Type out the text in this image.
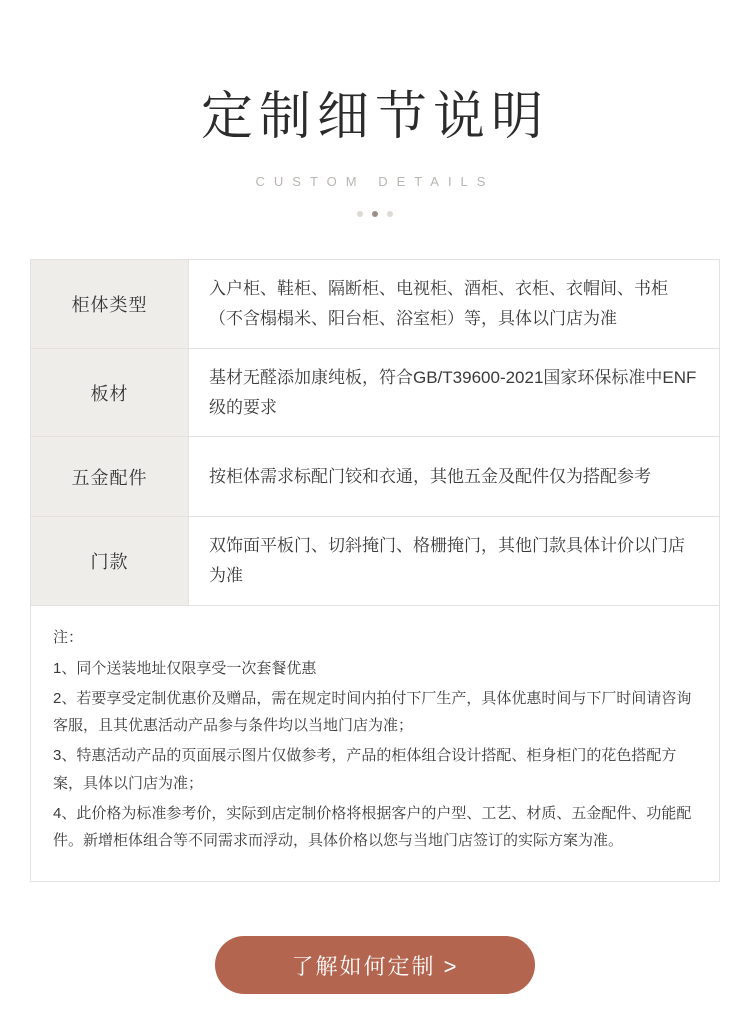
定制细节说明
CUSTOM DETAILS
柜体类型
入户柜、鞋柜、隔断柜、电视柜、酒柜、衣柜、衣帽间、书柜（不含榻榻米、阳台柜、浴室柜）等，具体以门店为准
板材
基材无醛添加康纯板，符合GB/T39600-2021国家环保标准中ENF级的要求
五金配件	按柜体需求标配门铰和衣通，其他五金及配件仅为搭配参考
门款
双饰面平板门、切斜掩门、格栅掩门，其他门款具体计价以门店为准
注：
1、同个送装地址仅限享受一次套餐优惠
2、若要享受定制优惠价及赠品，需在规定时间内拍付下厂生产，具体优惠时间与下厂时间请咨询客服，且其优惠活动产品参与条件均以当地门店为准；
3、特惠活动产品的页面展示图片仅做参考，产品的柜体组合设计搭配、柜身柜门的花色搭配方案，具体以门店为准；
4、此价格为标准参考价，实际到店定制价格将根据客户的户型、工艺、材质、五金配件、功能配件。新增柜体组合等不同需求而浮动，具体价格以您与当地门店签订的实际方案为准。
了解如何定制 >
